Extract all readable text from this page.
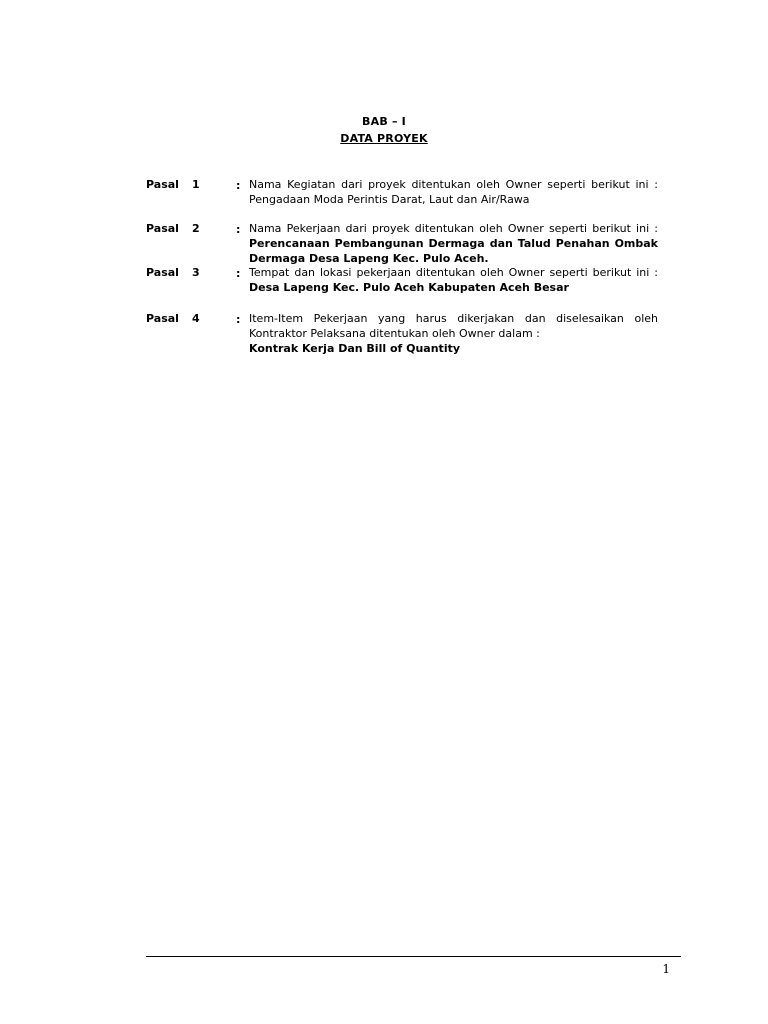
BAB – I
DATA PROYEK
Pasal 1	: Nama Kegiatan dari proyek ditentukan oleh Owner seperti berikut ini :
Pengadaan Moda Perintis Darat, Laut dan Air/Rawa
Pasal 2	: Nama Pekerjaan dari proyek ditentukan oleh Owner seperti berikut ini :
Perencanaan Pembangunan Dermaga dan Talud Penahan Ombak Dermaga Desa Lapeng Kec. Pulo Aceh.
Pasal 3	: Tempat dan lokasi pekerjaan ditentukan oleh Owner seperti berikut ini :
Desa Lapeng Kec. Pulo Aceh Kabupaten Aceh Besar
Pasal 4	: Item-Item Pekerjaan yang harus dikerjakan dan diselesaikan oleh Kontraktor Pelaksana ditentukan oleh Owner dalam :
Kontrak Kerja Dan Bill of Quantity
1
